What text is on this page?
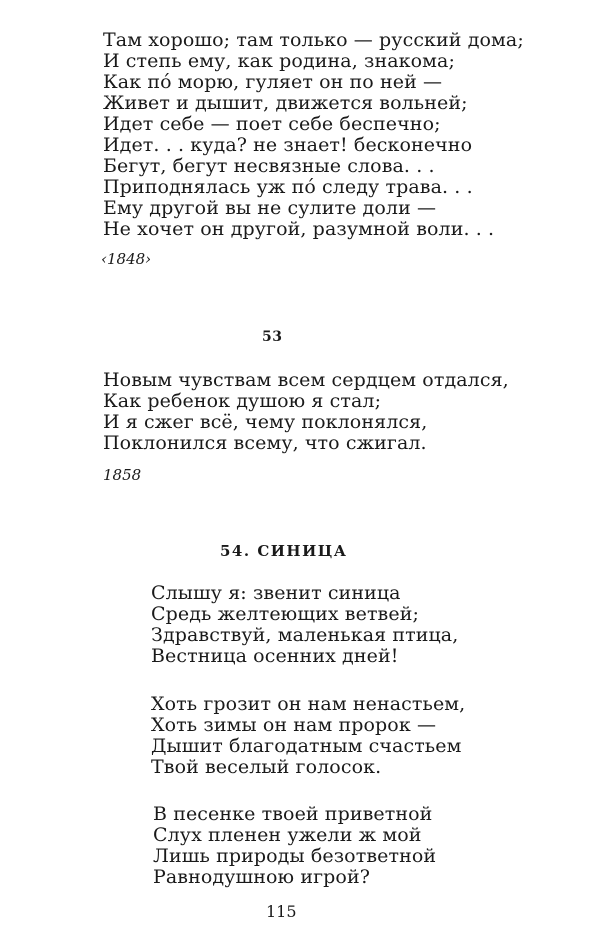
Там хорошо; там только — русский дома;
И степь ему, как родина, знакома;
Как пó морю, гуляет он по ней —
Живет и дышит, движется вольней;
Идет себе — поет себе беспечно;
Идет. . . куда? не знает! бесконечно
Бегут, бегут несвязные слова. . .
Приподнялась уж пó следу трава. . .
Ему другой вы не сулите доли —
Не хочет он другой, разумной воли. . .
‹1848›
53
Новым чувствам всем сердцем отдался,
Как ребенок душою я стал;
И я сжег всё, чему поклонялся,
Поклонился всему, что сжигал.
1858
54. СИНИЦА
Слышу я: звенит синица
Средь желтеющих ветвей;
Здравствуй, маленькая птица,
Вестница осенних дней!
Хоть грозит он нам ненастьем,
Хоть зимы он нам пророк —
Дышит благодатным счастьем
Твой веселый голосок.
В песенке твоей приветной
Слух пленен ужели ж мой
Лишь природы безответной
Равнодушною игрой?
115
